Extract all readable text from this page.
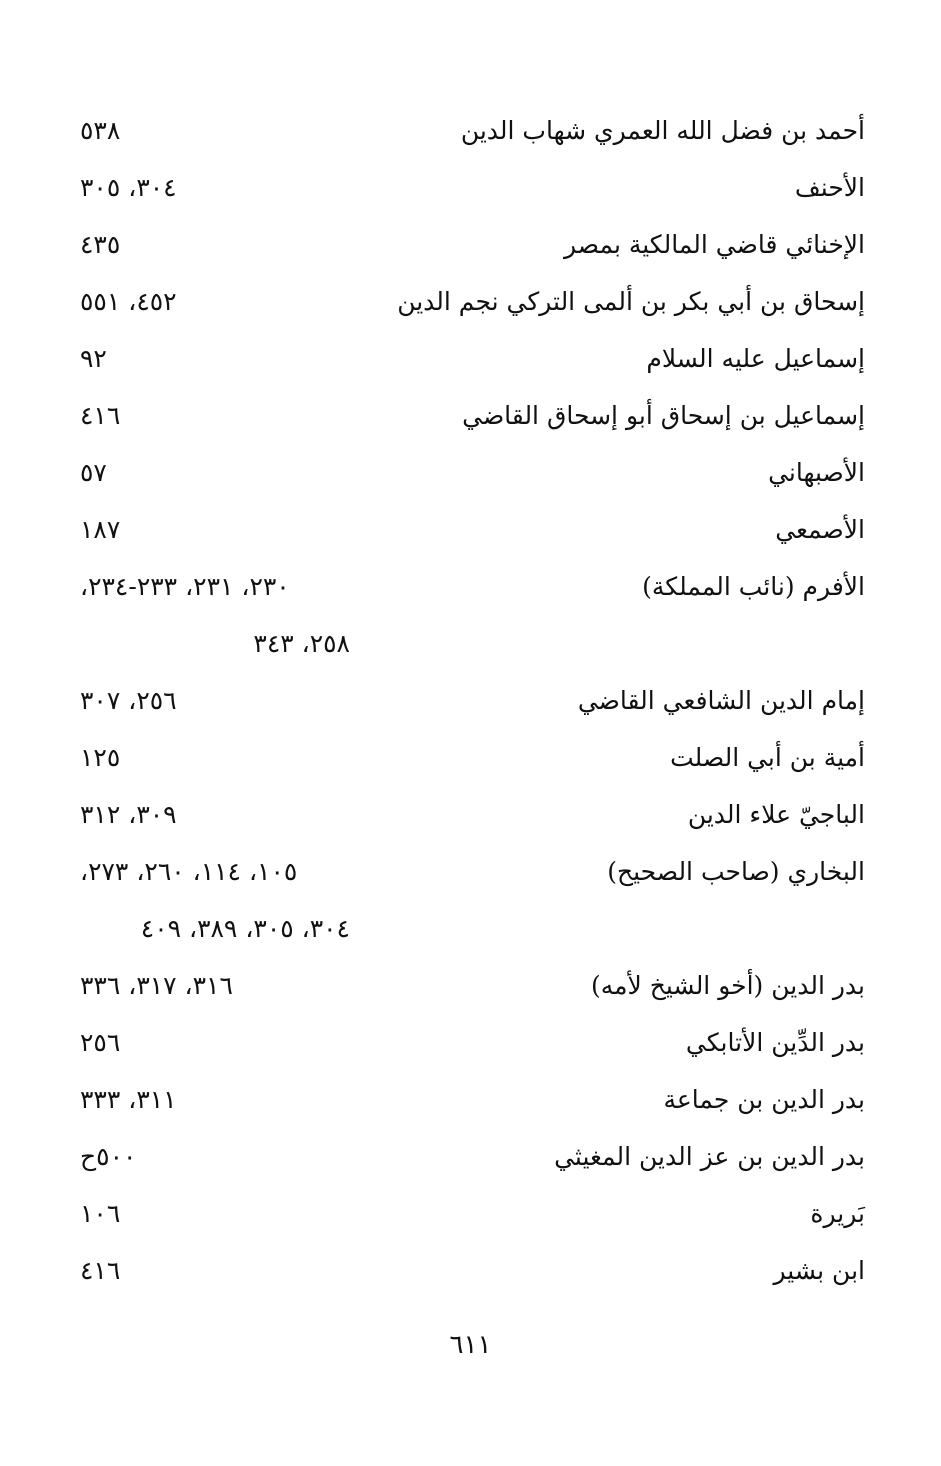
أحمد بن فضل الله العمري شهاب الدين
٥٣٨
الأحنف
٣٠٤، ٣٠٥
الإخنائي قاضي المالكية بمصر
٤٣٥
إسحاق بن أبي بكر بن ألمى التركي نجم الدين
٤٥٢، ٥٥١
إسماعيل عليه السلام
٩٢
إسماعيل بن إسحاق أبو إسحاق القاضي
٤١٦
الأصبهاني
٥٧
الأصمعي
١٨٧
الأفرم (نائب المملكة)
٢٣٠، ٢٣١، ٢٣٣-٢٣٤،
٢٥٨، ٣٤٣
إمام الدين الشافعي القاضي
٢٥٦، ٣٠٧
أمية بن أبي الصلت
١٢٥
الباجيّ علاء الدين
٣٠٩، ٣١٢
البخاري (صاحب الصحيح)
١٠٥، ١١٤، ٢٦٠، ٢٧٣،
٣٠٤، ٣٠٥، ٣٨٩، ٤٠٩
بدر الدين (أخو الشيخ لأمه)
٣١٦، ٣١٧، ٣٣٦
بدر الدِّين الأتابكي
٢٥٦
بدر الدين بن جماعة
٣١١، ٣٣٣
بدر الدين بن عز الدين المغيثي
٥٠٠ح
بَريرة
١٠٦
ابن بشير
٤١٦
٦١١
